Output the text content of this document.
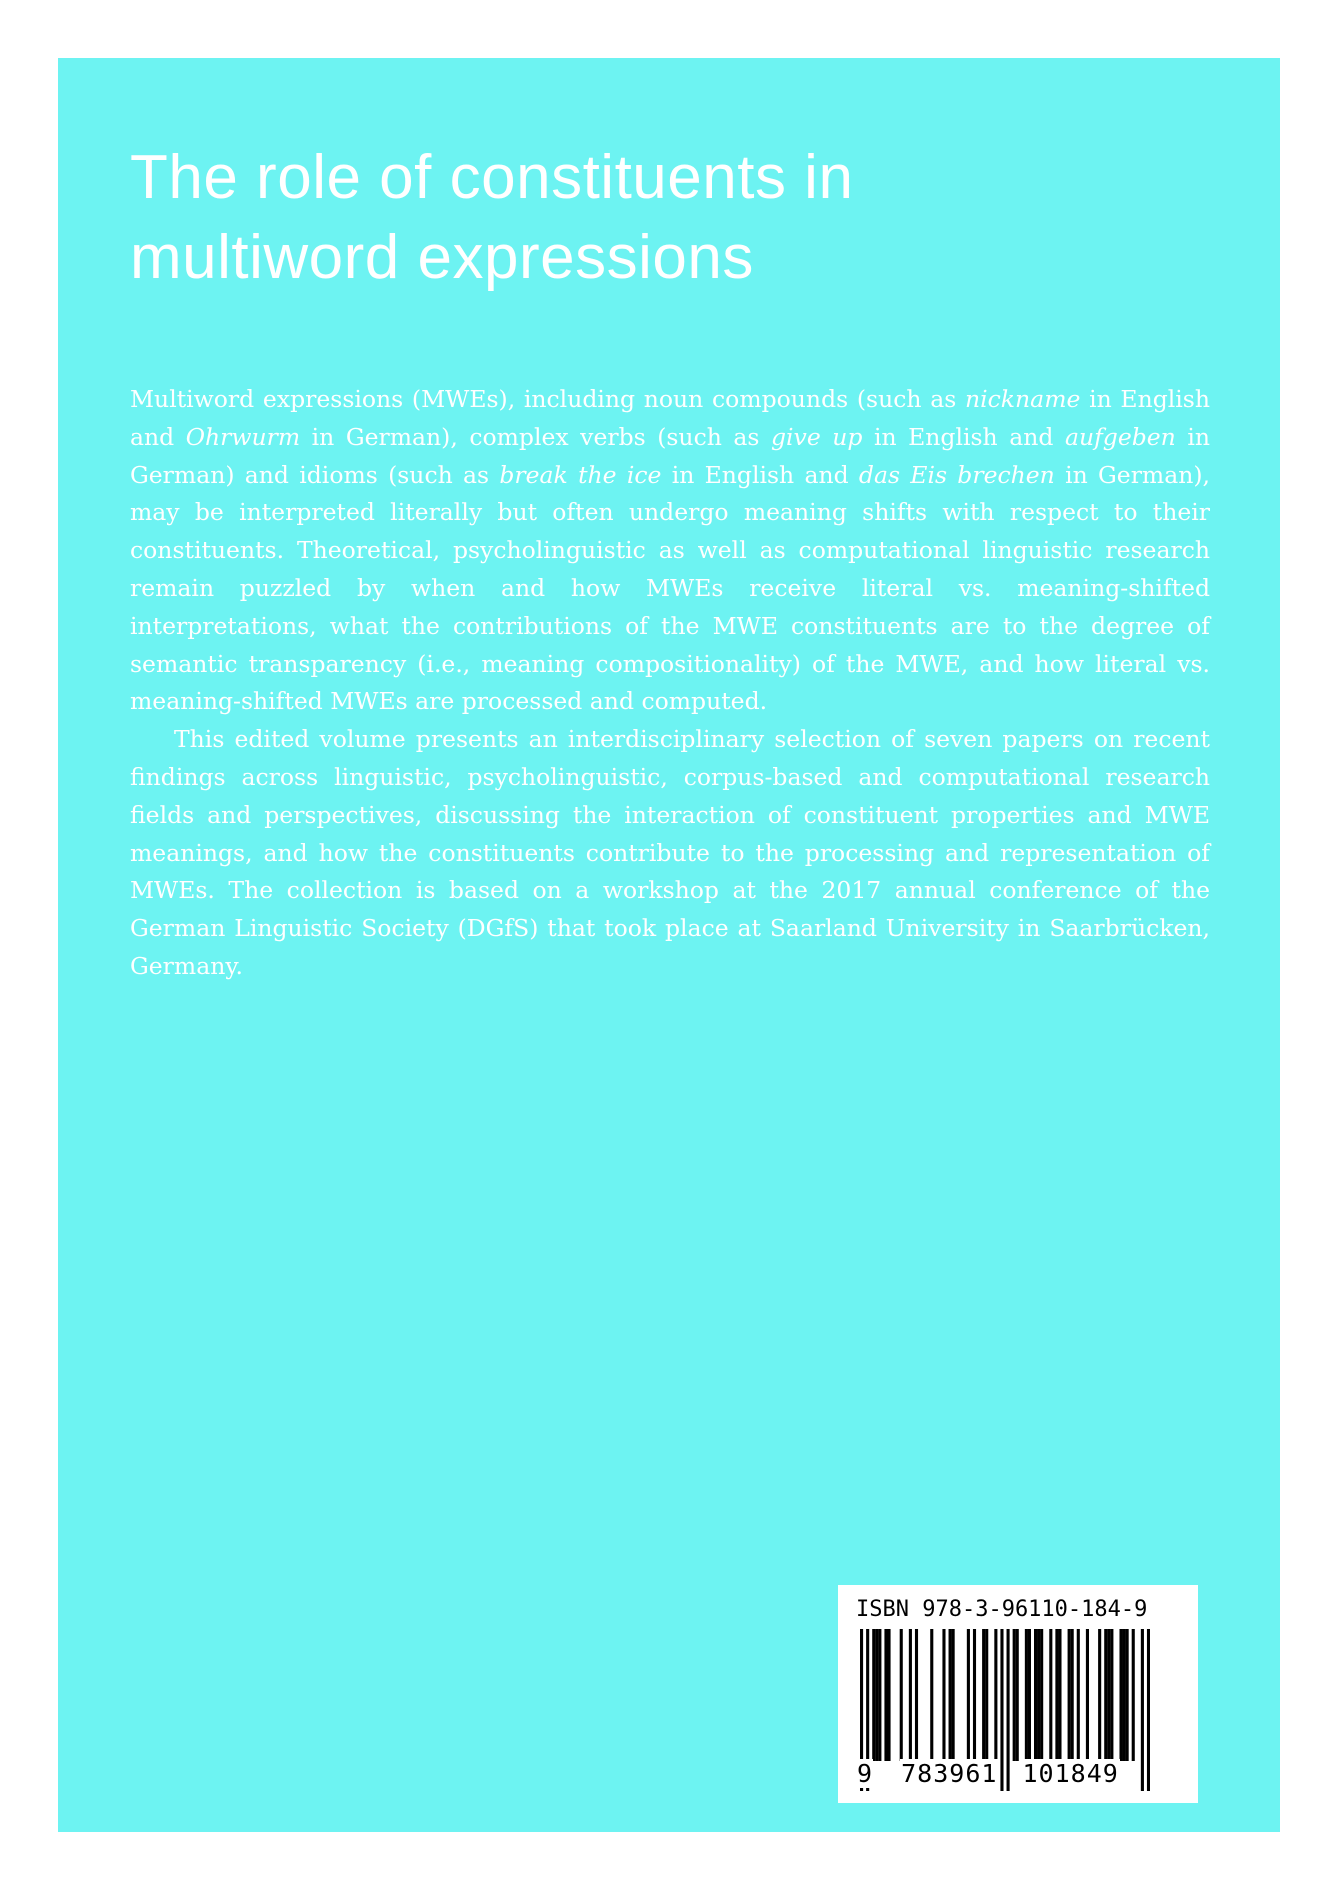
The role of constituents in
multiword expressions

Multiword expressions (MWEs), including noun compounds (such as nickname in English and Ohrwurm in German), complex verbs (such as give up in English and aufgeben in German) and idioms (such as break the ice in English and das Eis brechen in German), may be interpreted literally but often undergo meaning shifts with respect to their constituents. Theoretical, psycholinguistic as well as computational linguistic research remain puzzled by when and how MWEs receive literal vs. meaning-shifted interpretations, what the contributions of the MWE constituents are to the degree of semantic transparency (i.e., meaning compositionality) of the MWE, and how literal vs. meaning-shifted MWEs are processed and computed.

This edited volume presents an interdisciplinary selection of seven papers on recent findings across linguistic, psycholinguistic, corpus-based and computational research fields and perspectives, discussing the interaction of constituent properties and MWE meanings, and how the constituents contribute to the processing and representation of MWEs. The collection is based on a workshop at the 2017 annual conference of the German Linguistic Society (DGfS) that took place at Saarland University in Saarbrücken, Germany.

ISBN 978-3-96110-184-9
9 783961 101849
